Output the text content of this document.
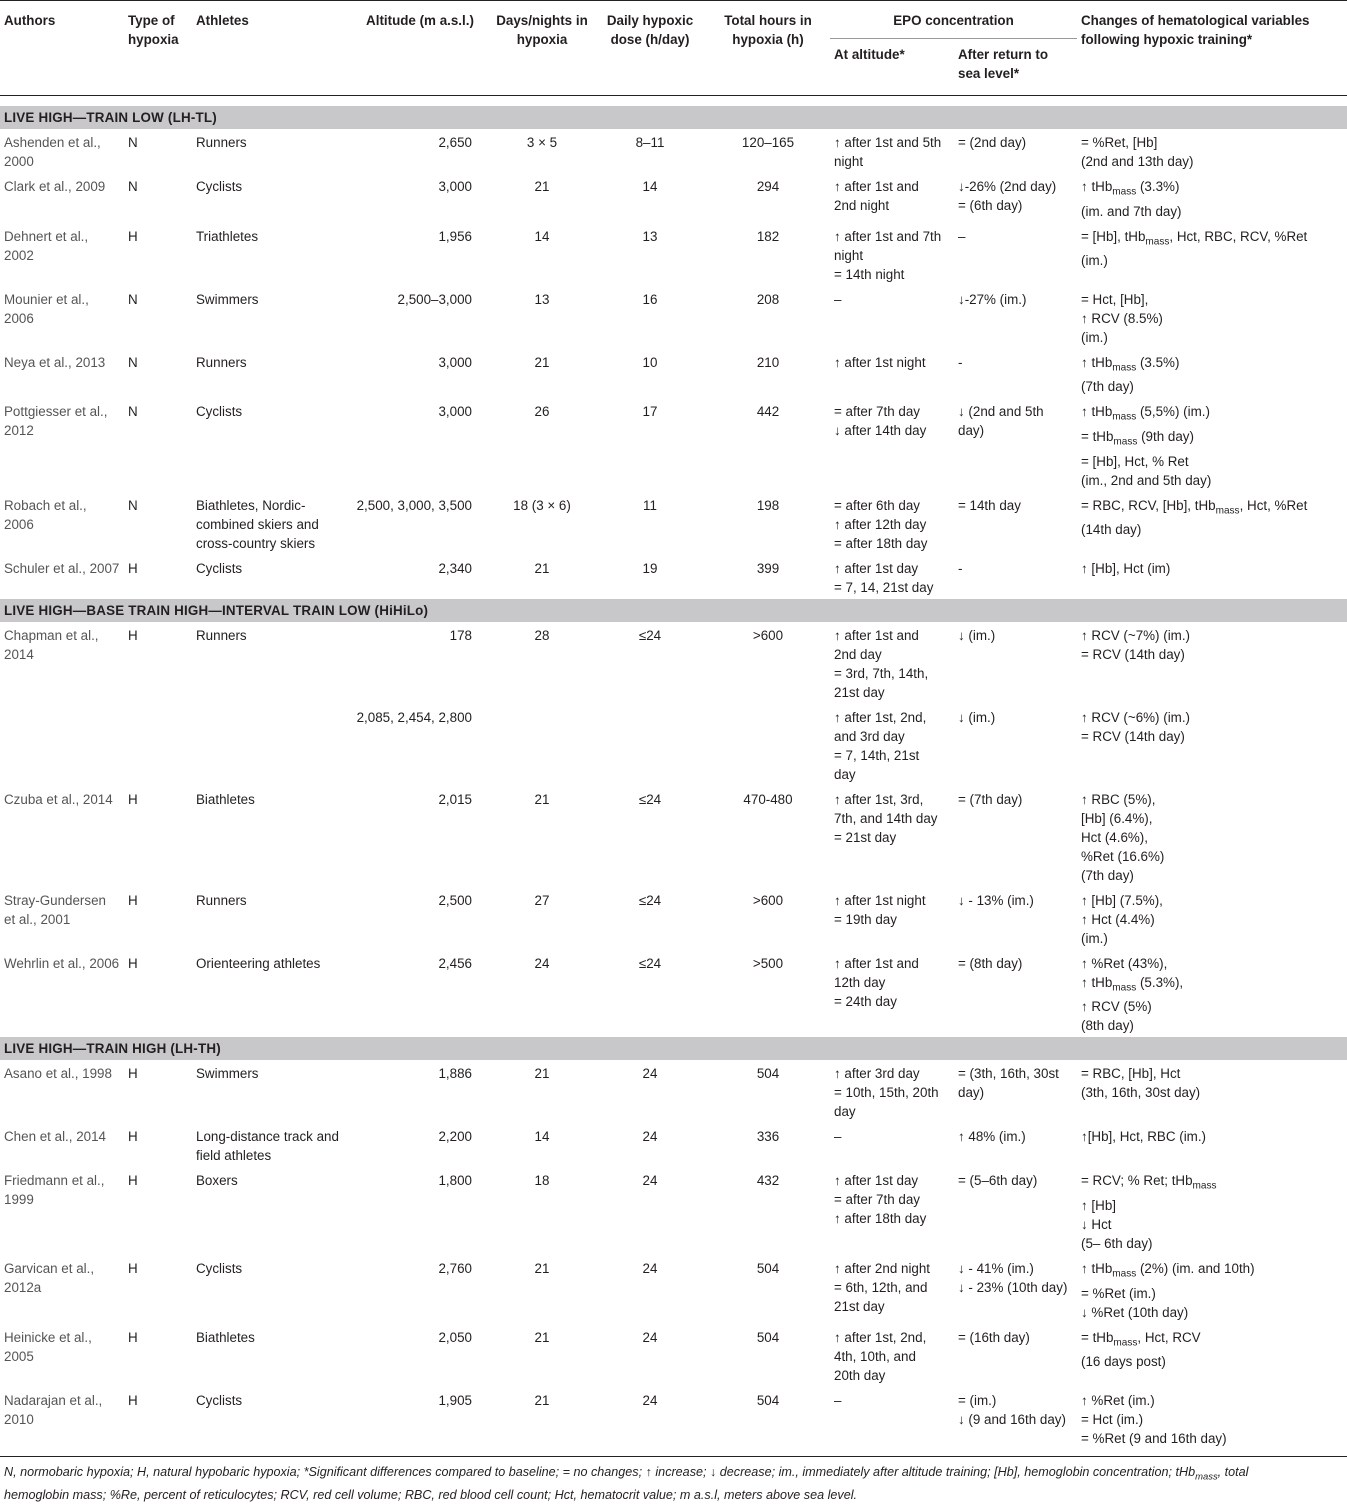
Authors	Type of hypoxia	Athletes	Altitude (m a.s.l.)	Days/nights in hypoxia	Daily hypoxic dose (h/day)	Total hours in hypoxia (h)	EPO concentration		Changes of hematological variables following hypoxic training*
							At altitude*	After return to sea level*	

LIVE HIGH—TRAIN LOW (LH-TL)									
Ashenden et al., 2000	N	Runners	2,650	3 × 5	8–11	120–165	↑ after 1st and 5th night	= (2nd day)	= %Ret, [Hb]
(2nd and 13th day)

Clark et al., 2009	N	Cyclists	3,000	21	14	294	↑ after 1st and
2nd night	↓-26% (2nd day)
= (6th day)	↑ tHb$_{mass}$ (3.3%)
(im. and 7th day)

Dehnert et al., 2002	H	Triathletes	1,956	14	13	182	↑ after 1st and 7th night
= 14th night	–	= [Hb], tHb$_{mass}$, Hct, RBC, RCV, %Ret
(im.)

Mounier et al., 2006	N	Swimmers	2,500–3,000	13	16	208	–	↓-27% (im.)	= Hct, [Hb],
↑ RCV (8.5%)
(im.)

Neya et al., 2013	N	Runners	3,000	21	10	210	↑ after 1st night	-	↑ tHb$_{mass}$ (3.5%)
(7th day)

Pottgiesser et al., 2012	N	Cyclists	3,000	26	17	442	= after 7th day
↓ after 14th day	↓ (2nd and 5th
day)	↑ tHb$_{mass}$ (5,5%) (im.)
= tHb$_{mass}$ (9th day)
= [Hb], Hct, % Ret
(im., 2nd and 5th day)

Robach et al., 2006	N	Biathletes, Nordic-combined skiers and cross-country skiers	2,500, 3,000, 3,500	18 (3 × 6)	11	198	= after 6th day
↑ after 12th day
= after 18th day	= 14th day	= RBC, RCV, [Hb], tHb$_{mass}$, Hct, %Ret
(14th day)

Schuler et al., 2007	H	Cyclists	2,340	21	19	399	↑ after 1st day
= 7, 14, 21st day	-	↑ [Hb], Hct (im)

LIVE HIGH—BASE TRAIN HIGH—INTERVAL TRAIN LOW (HiHiLo)									
Chapman et al., 2014	H	Runners	178	28	≤24	>600	↑ after 1st and
2nd day
= 3rd, 7th, 14th,
21st day	↓ (im.)	↑ RCV (~7%) (im.)
= RCV (14th day)

			2,085, 2,454, 2,800				↑ after 1st, 2nd,
and 3rd day
= 7, 14th, 21st
day	↓ (im.)	↑ RCV (~6%) (im.)
= RCV (14th day)

Czuba et al., 2014	H	Biathletes	2,015	21	≤24	470-480	↑ after 1st, 3rd,
7th, and 14th day
= 21st day	= (7th day)	↑ RBC (5%),
[Hb] (6.4%),
Hct (4.6%),
%Ret (16.6%)
(7th day)

Stray-Gundersen et al., 2001	H	Runners	2,500	27	≤24	>600	↑ after 1st night
= 19th day	↓ - 13% (im.)	↑ [Hb] (7.5%),
↑ Hct (4.4%)
(im.)

Wehrlin et al., 2006	H	Orienteering athletes	2,456	24	≤24	>500	↑ after 1st and
12th day
= 24th day	= (8th day)	↑ %Ret (43%),
↑ tHb$_{mass}$ (5.3%),
↑ RCV (5%)
(8th day)

LIVE HIGH—TRAIN HIGH (LH-TH)									
Asano et al., 1998	H	Swimmers	1,886	21	24	504	↑ after 3rd day
= 10th, 15th, 20th
day	= (3th, 16th, 30st
day)	= RBC, [Hb], Hct
(3th, 16th, 30st day)

Chen et al., 2014	H	Long-distance track and field athletes	2,200	14	24	336	–	↑ 48% (im.)	↑[Hb], Hct, RBC (im.)

Friedmann et al., 1999	H	Boxers	1,800	18	24	432	↑ after 1st day
= after 7th day
↑ after 18th day	= (5–6th day)	= RCV; % Ret; tHb$_{mass}$
↑ [Hb]
↓ Hct
(5– 6th day)

Garvican et al., 2012a	H	Cyclists	2,760	21	24	504	↑ after 2nd night
= 6th, 12th, and
21st day	↓ - 41% (im.)
↓ - 23% (10th day)	↑ tHb$_{mass}$ (2%) (im. and 10th)
= %Ret (im.)
↓ %Ret (10th day)

Heinicke et al., 2005	H	Biathletes	2,050	21	24	504	↑ after 1st, 2nd,
4th, 10th, and
20th day	= (16th day)	= tHb$_{mass}$, Hct, RCV
(16 days post)

Nadarajan et al., 2010	H	Cyclists	1,905	21	24	504	–	= (im.)
↓ (9 and 16th day)	↑ %Ret (im.)
= Hct (im.)
= %Ret (9 and 16th day)
N, normobaric hypoxia; H, natural hypobaric hypoxia; *Significant differences compared to baseline; = no changes; ↑ increase; ↓ decrease; im., immediately after altitude training; [Hb], hemoglobin concentration; tHb$_{mass}$, total hemoglobin mass; %Re, percent of reticulocytes; RCV, red cell volume; RBC, red blood cell count; Hct, hematocrit value; m a.s.l, meters above sea level.
